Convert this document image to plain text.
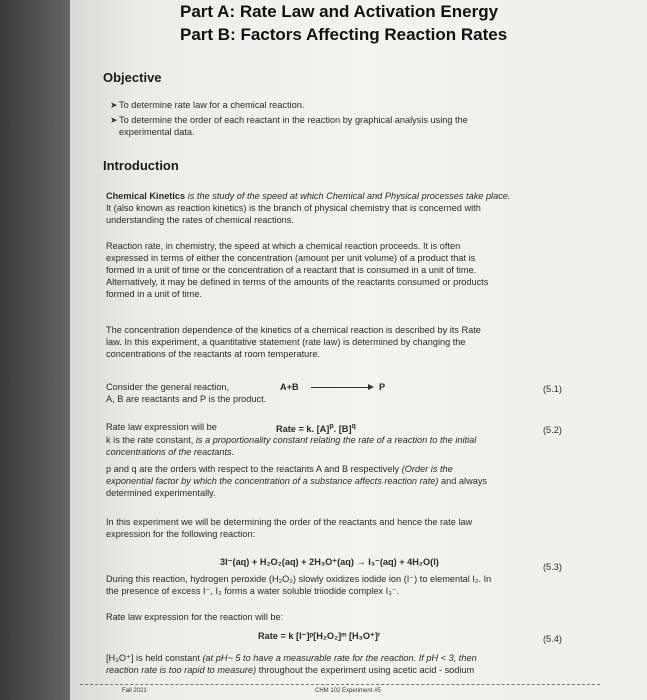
Part A: Rate Law and Activation Energy
Part B: Factors Affecting Reaction Rates
Objective
➤ To determine rate law for a chemical reaction.
➤ To determine the order of each reactant in the reaction by graphical analysis using the
experimental data.
Introduction
Chemical Kinetics is the study of the speed at which Chemical and Physical processes take place.
It (also known as reaction kinetics) is the branch of physical chemistry that is concerned with
understanding the rates of chemical reactions.
Reaction rate, in chemistry, the speed at which a chemical reaction proceeds. It is often
expressed in terms of either the concentration (amount per unit volume) of a product that is
formed in a unit of time or the concentration of a reactant that is consumed in a unit of time.
Alternatively, it may be defined in terms of the amounts of the reactants consumed or products
formed in a unit of time.
The concentration dependence of the kinetics of a chemical reaction is described by its Rate
law. In this experiment, a quantitative statement (rate law) is determined by changing the
concentrations of the reactants at room temperature.
Consider the general reaction,	A+B	P	(5.1)
A, B are reactants and P is the product.
Rate law expression will be	Rate = k. $[A]^p$. $[B]^q$	(5.2)
k is the rate constant, is a proportionality constant relating the rate of a reaction to the initial
concentrations of the reactants.
p and q are the orders with respect to the reactants A and B respectively (Order is the
exponential factor by which the concentration of a substance affects reaction rate) and always
determined experimentally.
In this experiment we will be determining the order of the reactants and hence the rate law
expression for the following reaction:
3I⁻(aq) + H₂O₂(aq) + 2H₃O⁺(aq) → I₃⁻(aq) + 4H₂O(l)	(5.3)
During this reaction, hydrogen peroxide (H₂O₂) slowly oxidizes iodide ion (I⁻) to elemental I₂. In
the presence of excess I⁻, I₂ forms a water soluble triiodide complex I₃⁻.
Rate law expression for the reaction will be:
Rate = k [I⁻]ᵖ[H₂O₂]ᵐ [H₃O⁺]ʳ	(5.4)
[H₃O⁺] is held constant (at pH~ 5 to have a measurable rate for the reaction. If pH < 3, then
reaction rate is too rapid to measure) throughout the experiment using acetic acid - sodium
Fall 2021	CHM 102 Experiment #5
